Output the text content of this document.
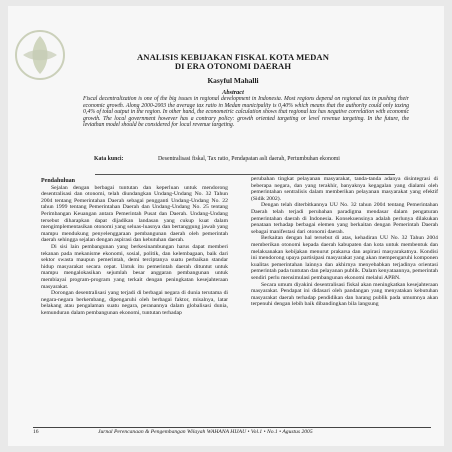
ANALISIS KEBIJAKAN FISKAL KOTA MEDAN
DI ERA OTONOMI DAERAH
Kasyful Mahalli
Abstract

Fiscal decentralization is one of the big issues in regional development in Indonesia. Most regions depend on regional tax in pushing their economic growth. Along 2000-2003 the average tax ratio in Medan municipality is 0,40% which means that the authority could only taxing 0,4% of total output in the region. In other hand, the econometric calculation shows that regional tax has negative correlation with economic growth. The local government however has a contrary policy: growth oriented targeting or level revenue targeting. In the future, the leviathan model should be considered for local revenue targeting.

Kata kunci:	Desentralisasi fiskal, Tax ratio, Pendapatan asli daerah, Pertumbuhan ekonomi

Pendahuluan

Sejalan dengan berbagai tuntutan dan keperluan untuk mendorong desentralisasi dan otonomi, telah diundangkan Undang-Undang No. 32 Tahun 2004 tentang Pemerintahan Daerah sebagai pengganti Undang-Undang No. 22 tahun 1999 tentang Pemerintahan Daerah dan Undang-Undang No. 25 tentang Perimbangan Keuangan antara Pemerintah Pusat dan Daerah. Undang-Undang tersebut diharapkan dapat dijadikan landasan yang cukup kuat dalam mengimplementasikan otonomi yang seluas-luasnya dan bertanggung jawab yang mampu mendukung penyelenggaraan pembangunan daerah oleh pemerintah daerah sehingga sejalan dengan aspirasi dan kebutuhan daerah.

Di sisi lain pembangunan yang berkesinambungan harus dapat memberi tekanan pada mekanisme ekonomi, sosial, politik, dan kelembagaan, baik dari sektor swasta maupun pemerintah, demi terciptanya suatu perbaikan standar hidup masyarakat secara cepat. Untuk itu pemerintah daerah dituntut untuk mampu mengalokasikan sejumlah besar anggaran pembangunan untuk membiayai program-program yang terkait dengan peningkatan kesejahteraan masyarakat.

Dorongan desentralisasi yang terjadi di berbagai negara di dunia terutama di negara-negara berkembang, dipengaruhi oleh berbagai faktor, misalnya, latar belakang atau pengalaman suatu negara, peranannya dalam globalisasi dunia, kemunduran dalam pembangunan ekonomi, tuntutan terhadap

perubahan tingkat pelayanan masyarakat, tanda-tanda adanya disintegrasi di beberapa negara, dan yang terakhir, banyaknya kegagalan yang dialami oleh pemerintahan sentralisis dalam memberikan pelayanan masyarakat yang efektif (Sidik 2002).

Dengan telah diterbitkannya UU No. 32 tahun 2004 tentang Pemerintahan Daerah telah terjadi perubahan paradigma mendasar dalam pengaturan pemerintahan daerah di Indonesia. Konsekuensinya adalah perlunya dilakukan penataan terhadap berbagai elemen yang berkaitan dengan Pemerintah Daerah sebagai manifestasi dari otonomi daerah.

Berkaitan dengan hal tersebut di atas, kehadiran UU No. 32 Tahun 2004 memberikan otonomi kepada daerah kabupaten dan kota untuk membentuk dan melaksanakan kebijakan menurut prakarsa dan aspirasi masyarakatnya. Kondisi ini mendorong upaya partisipasi masyarakat yang akan mempengaruhi komponen kualitas pemerintahan lainnya dan akhirnya menyebabkan terjadinya orientasi pemerintah pada tuntutan dan pelayanan publik. Dalam kenyataannya, pemerintah sendiri perlu mensimulasi pembangunan ekonomi melalui APBN.

Secara umum diyakini desentralisasi fiskal akan meningkatkan kesejahteraan masyarakat. Pendapat ini didasari oleh pandangan yang menyatakan kebutuhan masyarakat daerah terhadap pendidikan dan barang publik pada umumnya akan terpenuhi dengan lebih baik dibandingkan bila langsung

16	Jurnal Perencanaan & Pengembangan Wilayah WAHANA HIJAU • Vol.1 • No.1 • Agustus 2005
